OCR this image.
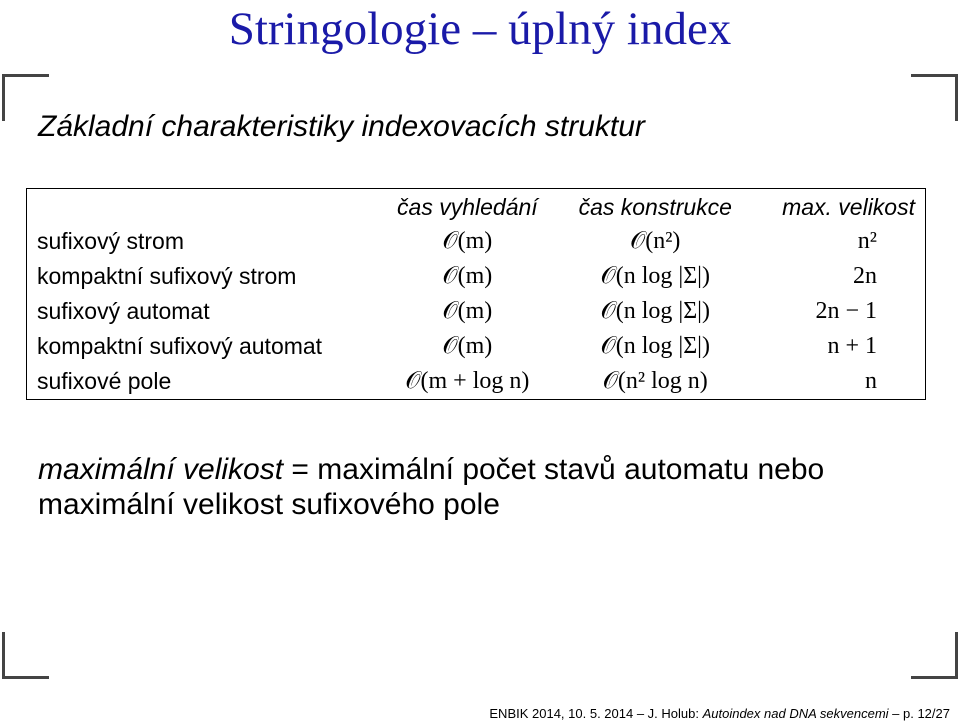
Stringologie – úplný index
Základní charakteristiky indexovacích struktur
	čas vyhledání	čas konstrukce	max. velikost
sufixový strom	𝒪(m)	𝒪(n²)	n²
kompaktní sufixový strom	𝒪(m)	𝒪(n log |Σ|)	2n
sufixový automat	𝒪(m)	𝒪(n log |Σ|)	2n − 1
kompaktní sufixový automat	𝒪(m)	𝒪(n log |Σ|)	n + 1
sufixové pole	𝒪(m + log n)	𝒪(n² log n)	n
maximální velikost = maximální počet stavů automatu nebo maximální velikost sufixového pole
ENBIK 2014, 10. 5. 2014 – J. Holub: Autoindex nad DNA sekvencemi – p. 12/27
